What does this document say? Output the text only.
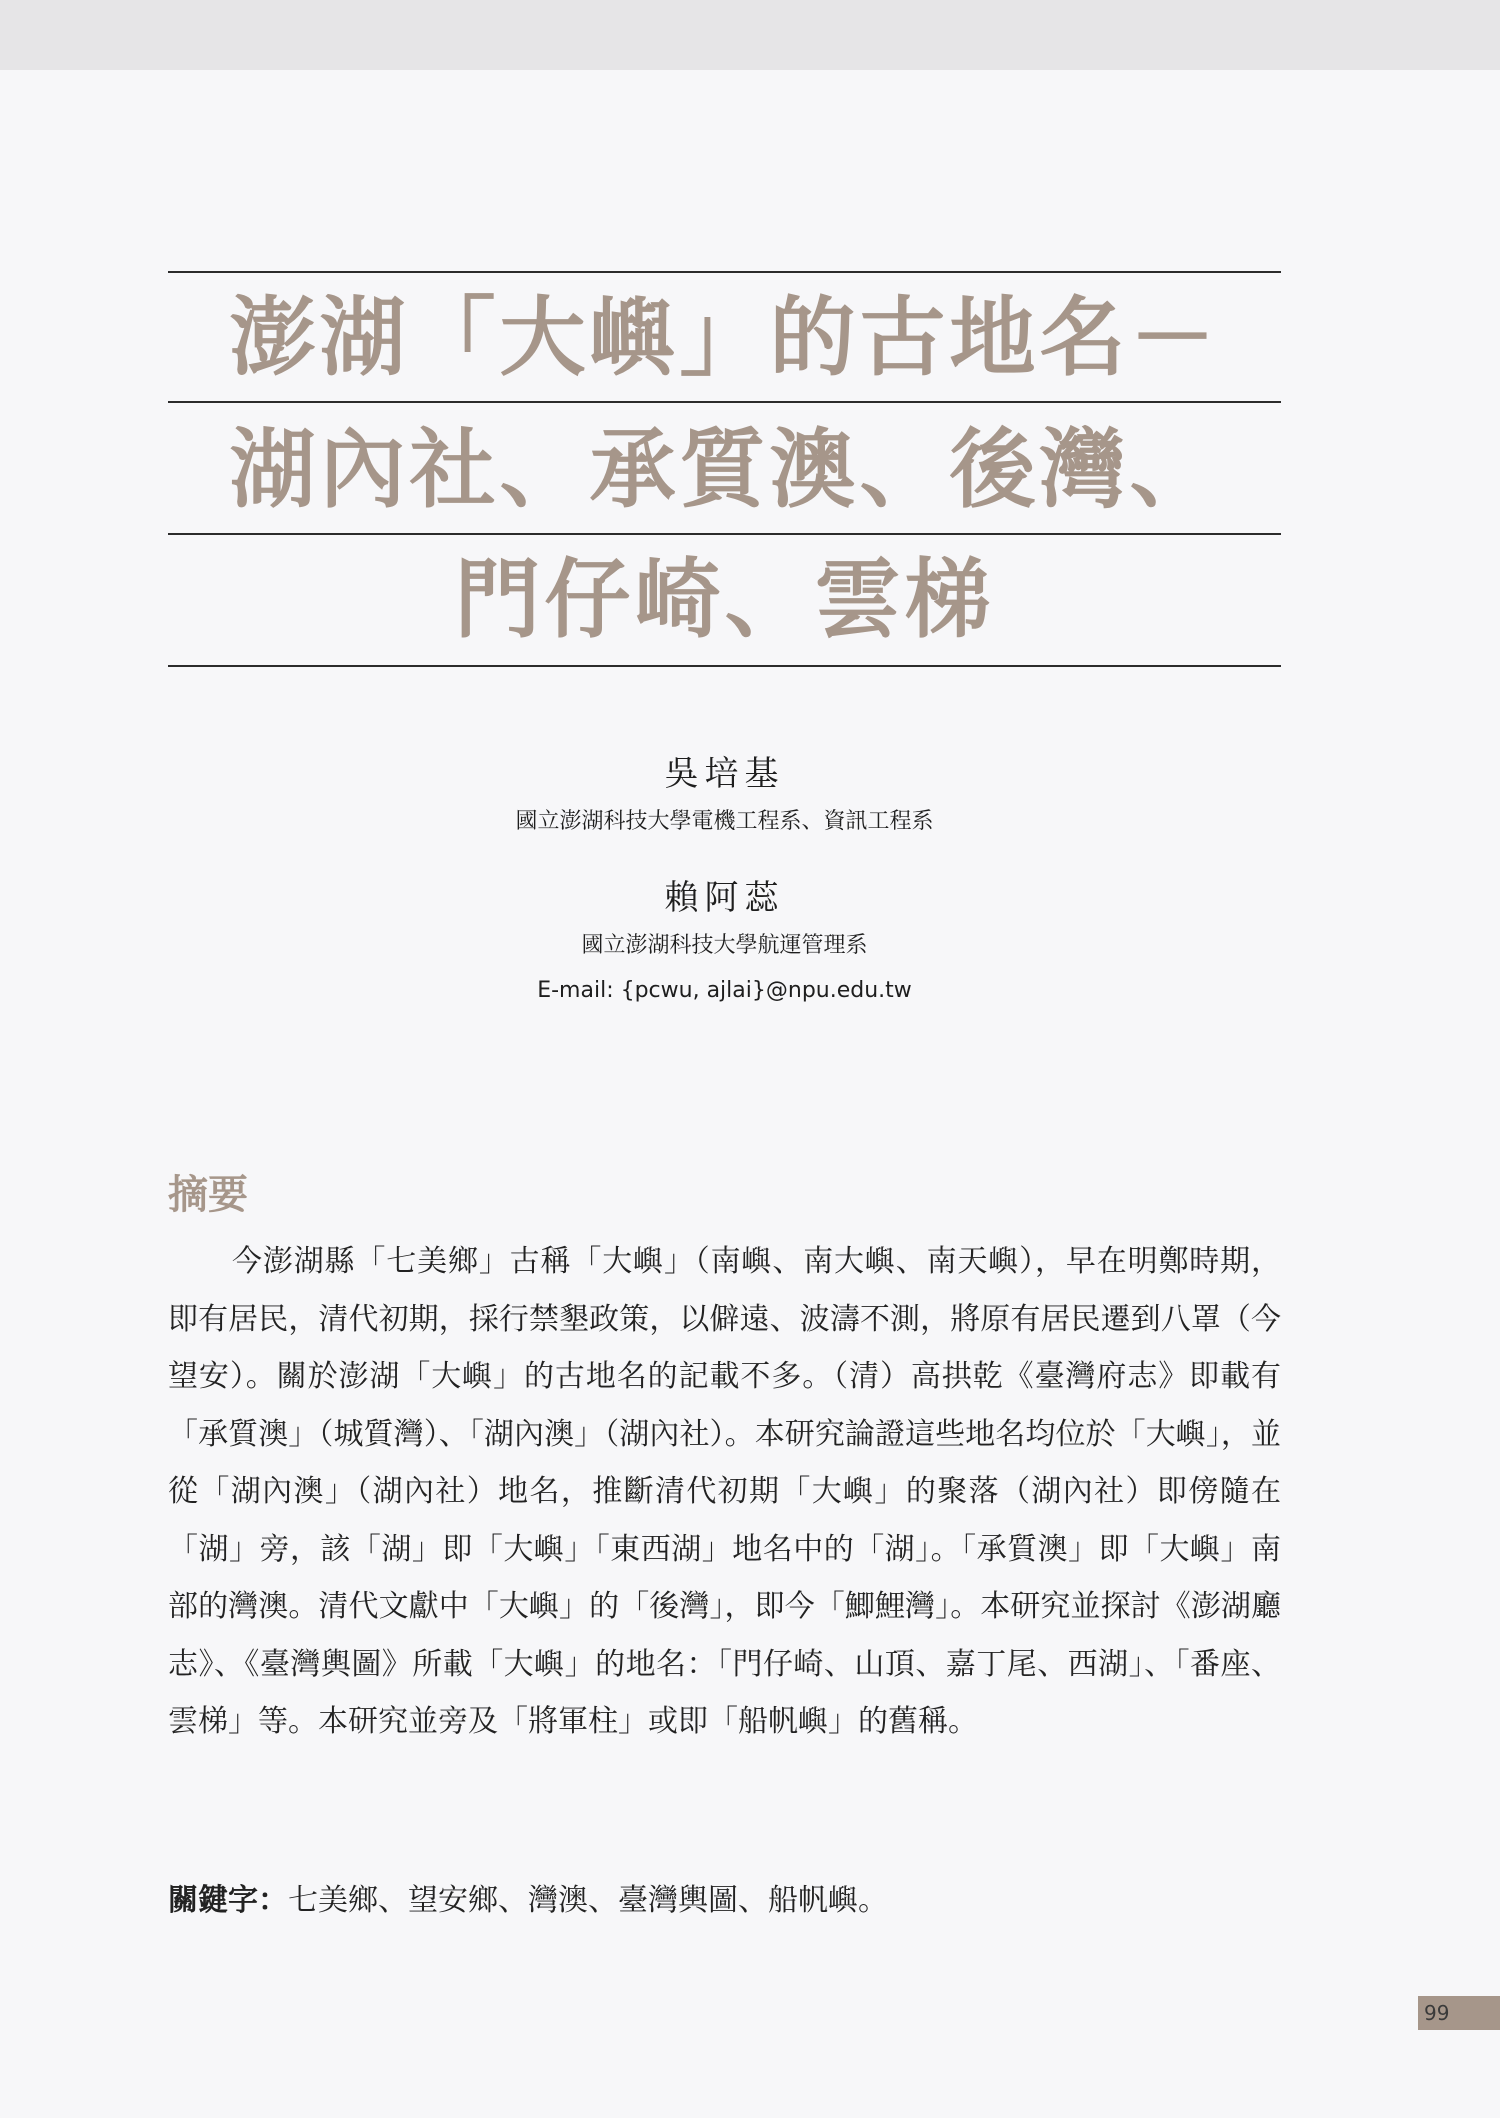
澎湖「大嶼」的古地名－
湖內社、承質澳、後灣、
門仔崎、雲梯
吳培基
國立澎湖科技大學電機工程系、資訊工程系
賴阿蕊
國立澎湖科技大學航運管理系
E-mail: {pcwu, ajlai}@npu.edu.tw
摘要

今澎湖縣「七美鄉」古稱「大嶼」（南嶼、南大嶼、南天嶼），早在明鄭時期，即有居民，清代初期，採行禁墾政策，以僻遠、波濤不測，將原有居民遷到八罩（今望安）。關於澎湖「大嶼」的古地名的記載不多。（清）高拱乾《臺灣府志》即載有「承質澳」（城質灣）、「湖內澳」（湖內社）。本研究論證這些地名均位於「大嶼」，並從「湖內澳」（湖內社）地名，推斷清代初期「大嶼」的聚落（湖內社）即傍隨在「湖」旁，該「湖」即「大嶼」「東西湖」地名中的「湖」。「承質澳」即「大嶼」南部的灣澳。清代文獻中「大嶼」的「後灣」，即今「鯽鯉灣」。本研究並探討《澎湖廳志》、《臺灣輿圖》所載「大嶼」的地名：「門仔崎、山頂、嘉丁尾、西湖」、「番座、雲梯」等。本研究並旁及「將軍柱」或即「船帆嶼」的舊稱。

關鍵字：七美鄉、望安鄉、灣澳、臺灣輿圖、船帆嶼。
99
